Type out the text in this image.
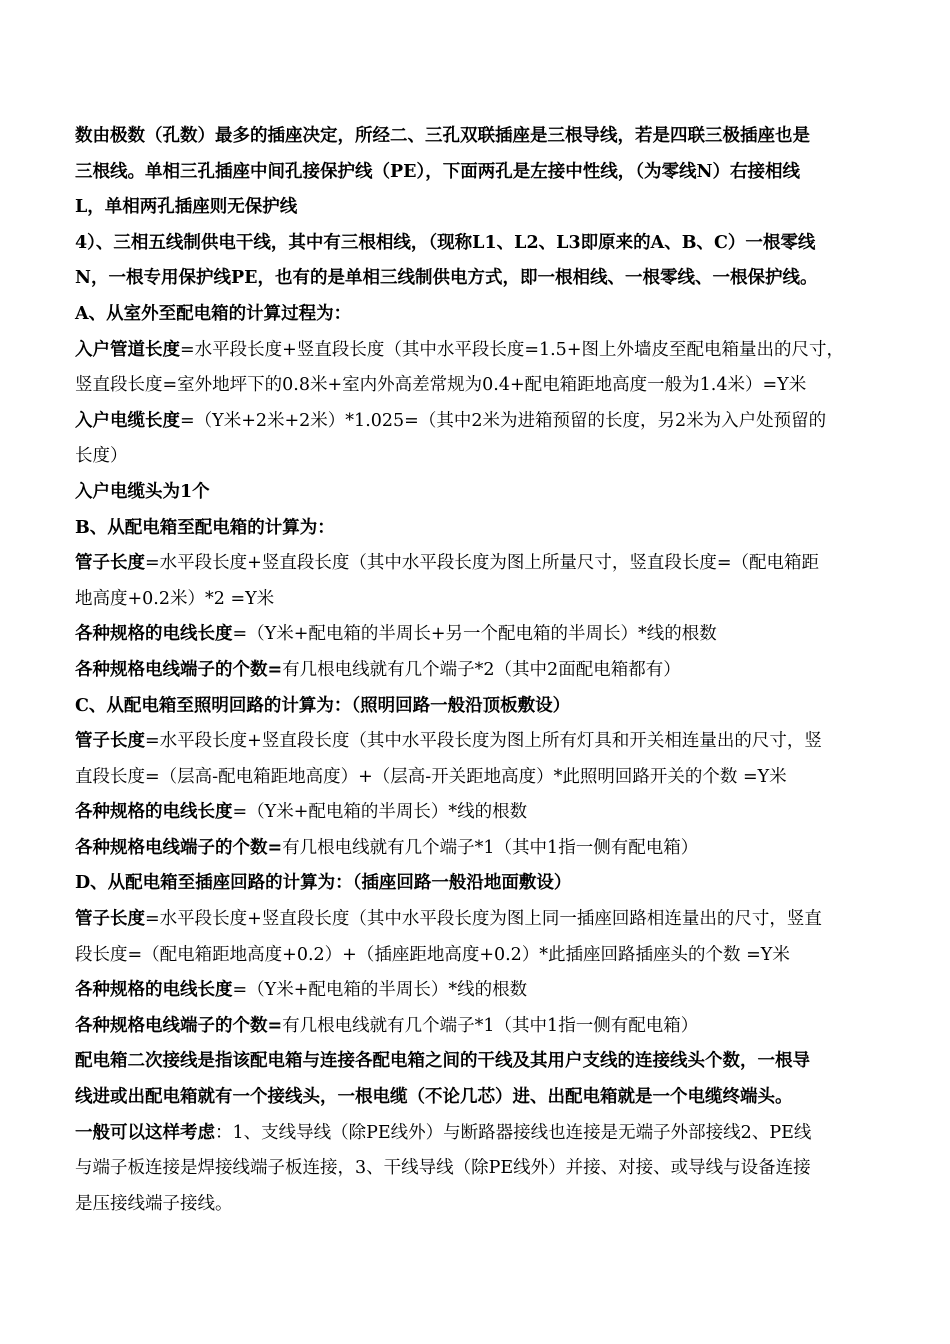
数由极数（孔数）最多的插座决定，所经二、三孔双联插座是三根导线，若是四联三极插座也是
三根线。单相三孔插座中间孔接保护线（PE），下面两孔是左接中性线，（为零线N）右接相线
L，单相两孔插座则无保护线
4）、三相五线制供电干线，其中有三根相线，（现称L1、L2、L3即原来的A、B、C）一根零线
N，一根专用保护线PE，也有的是单相三线制供电方式，即一根相线、一根零线、一根保护线。
A、从室外至配电箱的计算过程为：
入户管道长度=水平段长度+竖直段长度（其中水平段长度=1.5+图上外墙皮至配电箱量出的尺寸，
竖直段长度=室外地坪下的0.8米+室内外高差常规为0.4+配电箱距地高度一般为1.4米）=Y米
入户电缆长度=（Y米+2米+2米）*1.025=（其中2米为进箱预留的长度，另2米为入户处预留的
长度）
入户电缆头为1个
B、从配电箱至配电箱的计算为：
管子长度=水平段长度+竖直段长度（其中水平段长度为图上所量尺寸，竖直段长度=（配电箱距
地高度+0.2米）*2 =Y米
各种规格的电线长度=（Y米+配电箱的半周长+另一个配电箱的半周长）*线的根数
各种规格电线端子的个数=有几根电线就有几个端子*2（其中2面配电箱都有）
C、从配电箱至照明回路的计算为：（照明回路一般沿顶板敷设）
管子长度=水平段长度+竖直段长度（其中水平段长度为图上所有灯具和开关相连量出的尺寸，竖
直段长度=（层高-配电箱距地高度）+（层高-开关距地高度）*此照明回路开关的个数 =Y米
各种规格的电线长度=（Y米+配电箱的半周长）*线的根数
各种规格电线端子的个数=有几根电线就有几个端子*1（其中1指一侧有配电箱）
D、从配电箱至插座回路的计算为：（插座回路一般沿地面敷设）
管子长度=水平段长度+竖直段长度（其中水平段长度为图上同一插座回路相连量出的尺寸，竖直
段长度=（配电箱距地高度+0.2）+（插座距地高度+0.2）*此插座回路插座头的个数 =Y米
各种规格的电线长度=（Y米+配电箱的半周长）*线的根数
各种规格电线端子的个数=有几根电线就有几个端子*1（其中1指一侧有配电箱）
配电箱二次接线是指该配电箱与连接各配电箱之间的干线及其用户支线的连接线头个数，一根导
线进或出配电箱就有一个接线头，一根电缆（不论几芯）进、出配电箱就是一个电缆终端头。
一般可以这样考虑：1、支线导线（除PE线外）与断路器接线也连接是无端子外部接线2、PE线
与端子板连接是焊接线端子板连接，3、干线导线（除PE线外）并接、对接、或导线与设备连接
是压接线端子接线。
